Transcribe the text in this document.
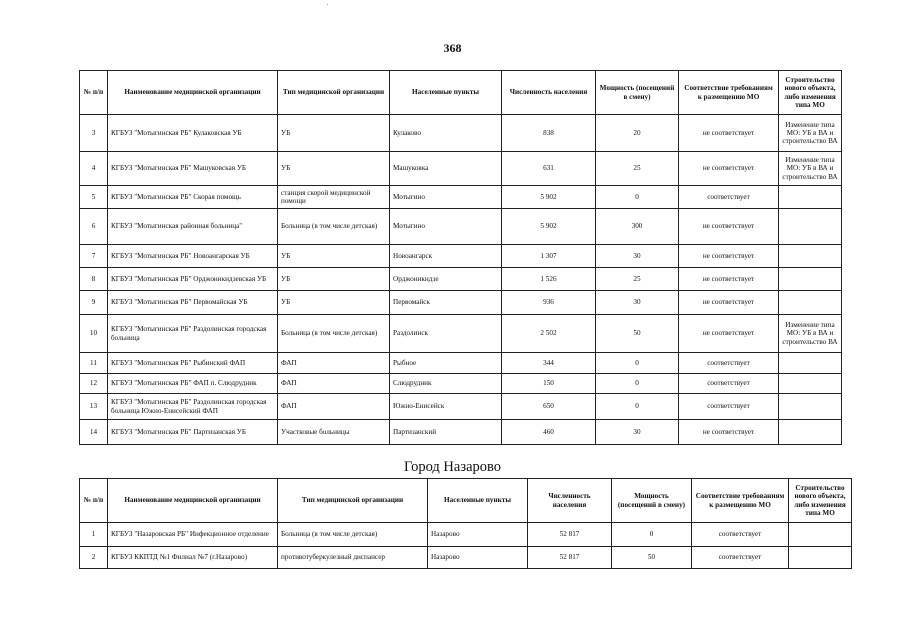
368
№ п/п	Наименование медицинской организации	Тип медицинской организации	Населенные пункты	Численность населения	Мощность (посещений в смену)	Соответствие требованиям к размещению МО	Строительство нового объекта, либо изменения типа МО
3	КГБУЗ "Мотыгинская РБ" Кулаковская УБ	УБ	Кулаково	838	20	не соответствует	Изменение типа МО: УБ в ВА и строительство ВА
4	КГБУЗ "Мотыгинская РБ" Машуковская УБ	УБ	Машуковка	631	25	не соответствует	Изменение типа МО: УБ в ВА и строительство ВА
5	КГБУЗ "Мотыгинская РБ" Скорая помощь	станция скорой медицинской помощи	Мотыгино	5 902	0	соответствует	
6	КГБУЗ "Мотыгинская районная больница"	Больница (в том числе детская)	Мотыгино	5 902	300	не соответствует	
7	КГБУЗ "Мотыгинская РБ" Новоангарская УБ	УБ	Новоангарск	1 307	30	не соответствует	
8	КГБУЗ "Мотыгинская РБ" Орджоникидзевская УБ	УБ	Орджоникидзе	1 526	25	не соответствует	
9	КГБУЗ "Мотыгинская РБ" Первомайская УБ	УБ	Первомайск	936	30	не соответствует	
10	КГБУЗ "Мотыгинская РБ" Раздолинская городская больница	Больница (в том числе детская)	Раздолинск	2 502	50	не соответствует	Изменение типа МО: УБ в ВА и строительство ВА
11	КГБУЗ "Мотыгинская РБ" Рыбинский ФАП	ФАП	Рыбное	344	0	соответствует	
12	КГБУЗ "Мотыгинская РБ" ФАП п. Слюдрудник	ФАП	Слюдрудник	150	0	соответствует	
13	КГБУЗ "Мотыгинская РБ" Раздолинская городская больница Южно-Енисейский ФАП	ФАП	Южно-Енисейск	650	0	соответствует	
14	КГБУЗ "Мотыгинская РБ" Партизанская УБ	Участковые больницы	Партизанский	460	30	не соответствует	
Город Назарово
№ п/п	Наименование медицинской организации	Тип медицинской организации	Населенные пункты	Численность населения	Мощность (посещений в смену)	Соответствие требованиям к размещению МО	Строительство нового объекта, либо изменения типа МО
1	КГБУЗ "Назаровская РБ" Инфекционное отделение	Больница (в том числе детская)	Назарово	52 817	0	соответствует	
2	КГБУЗ ККПТД №1 Филиал №7 (г.Назарово)	противотуберкулезный диспансер	Назарово	52 817	50	соответствует	
